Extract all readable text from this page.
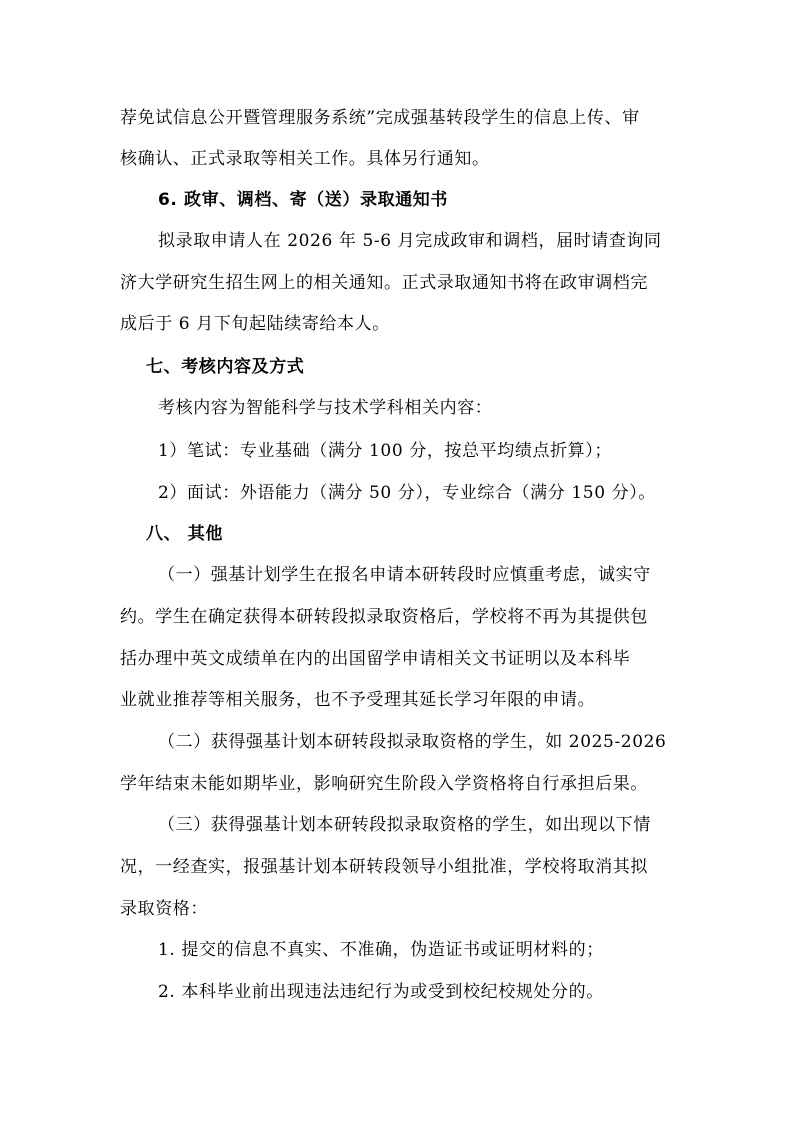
荐免试信息公开暨管理服务系统”完成强基转段学生的信息上传、审
核确认、正式录取等相关工作。具体另行通知。
6. 政审、调档、寄（送）录取通知书
拟录取申请人在 2026 年 5-6 月完成政审和调档，届时请查询同
济大学研究生招生网上的相关通知。正式录取通知书将在政审调档完
成后于 6 月下旬起陆续寄给本人。
七、考核内容及方式
考核内容为智能科学与技术学科相关内容：
1）笔试：专业基础（满分 100 分，按总平均绩点折算）；
2）面试：外语能力（满分 50 分），专业综合（满分 150 分）。
八、 其他
（一）强基计划学生在报名申请本研转段时应慎重考虑，诚实守
约。学生在确定获得本研转段拟录取资格后，学校将不再为其提供包
括办理中英文成绩单在内的出国留学申请相关文书证明以及本科毕
业就业推荐等相关服务，也不予受理其延长学习年限的申请。
（二）获得强基计划本研转段拟录取资格的学生，如 2025-2026
学年结束未能如期毕业，影响研究生阶段入学资格将自行承担后果。
（三）获得强基计划本研转段拟录取资格的学生，如出现以下情
况，一经查实，报强基计划本研转段领导小组批准，学校将取消其拟
录取资格：
1. 提交的信息不真实、不准确，伪造证书或证明材料的；
2. 本科毕业前出现违法违纪行为或受到校纪校规处分的。
